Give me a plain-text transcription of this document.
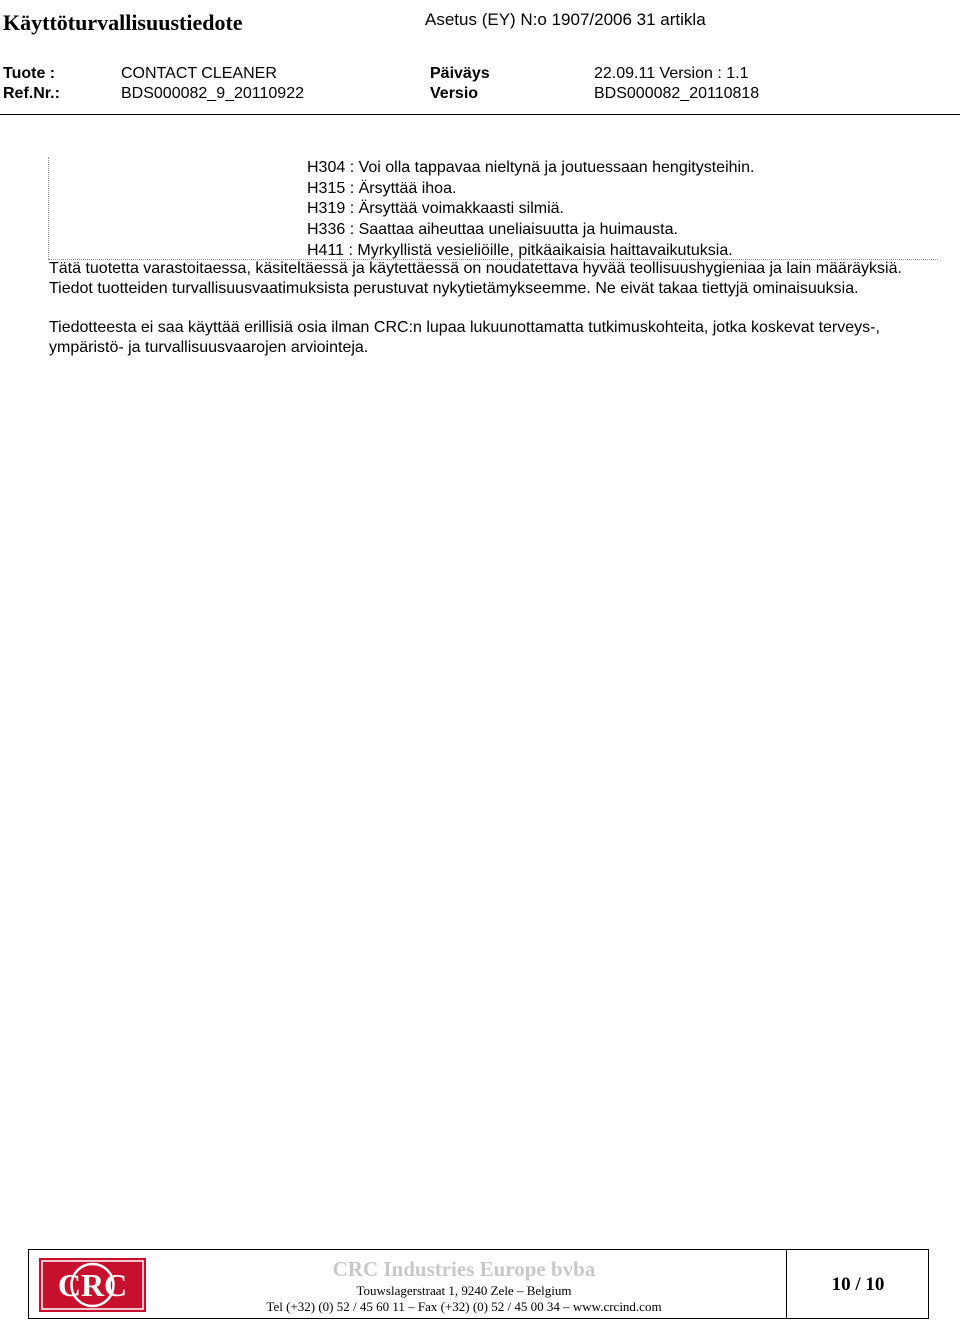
Käyttöturvallisuustiedote	Asetus (EY) N:o 1907/2006 31 artikla
Tuote :	CONTACT CLEANER	Päiväys	22.09.11 Version : 1.1
Ref.Nr.:	BDS000082_9_20110922	Versio	BDS000082_20110818
H304 : Voi olla tappavaa nieltynä ja joutuessaan hengitysteihin.
H315 : Ärsyttää ihoa.
H319 : Ärsyttää voimakkaasti silmiä.
H336 : Saattaa aiheuttaa uneliaisuutta ja huimausta.
H411 : Myrkyllistä vesieliöille, pitkäaikaisia haittavaikutuksia.

Tätä tuotetta varastoitaessa, käsiteltäessä ja käytettäessä on noudatettava hyvää teollisuushygieniaa ja lain määräyksiä. Tiedot tuotteiden turvallisuusvaatimuksista perustuvat nykytietämykseemme. Ne eivät takaa tiettyjä ominaisuuksia.

Tiedotteesta ei saa käyttää erillisiä osia ilman CRC:n lupaa lukuunottamatta tutkimuskohteita, jotka koskevat terveys-, ympäristö- ja turvallisuusvaarojen arviointeja.

CRC	CRC Industries Europe bvba
Touwslagerstraat 1, 9240 Zele – Belgium
Tel (+32) (0) 52 / 45 60 11 – Fax (+32) (0) 52 / 45 00 34 – www.crcind.com
10 / 10
